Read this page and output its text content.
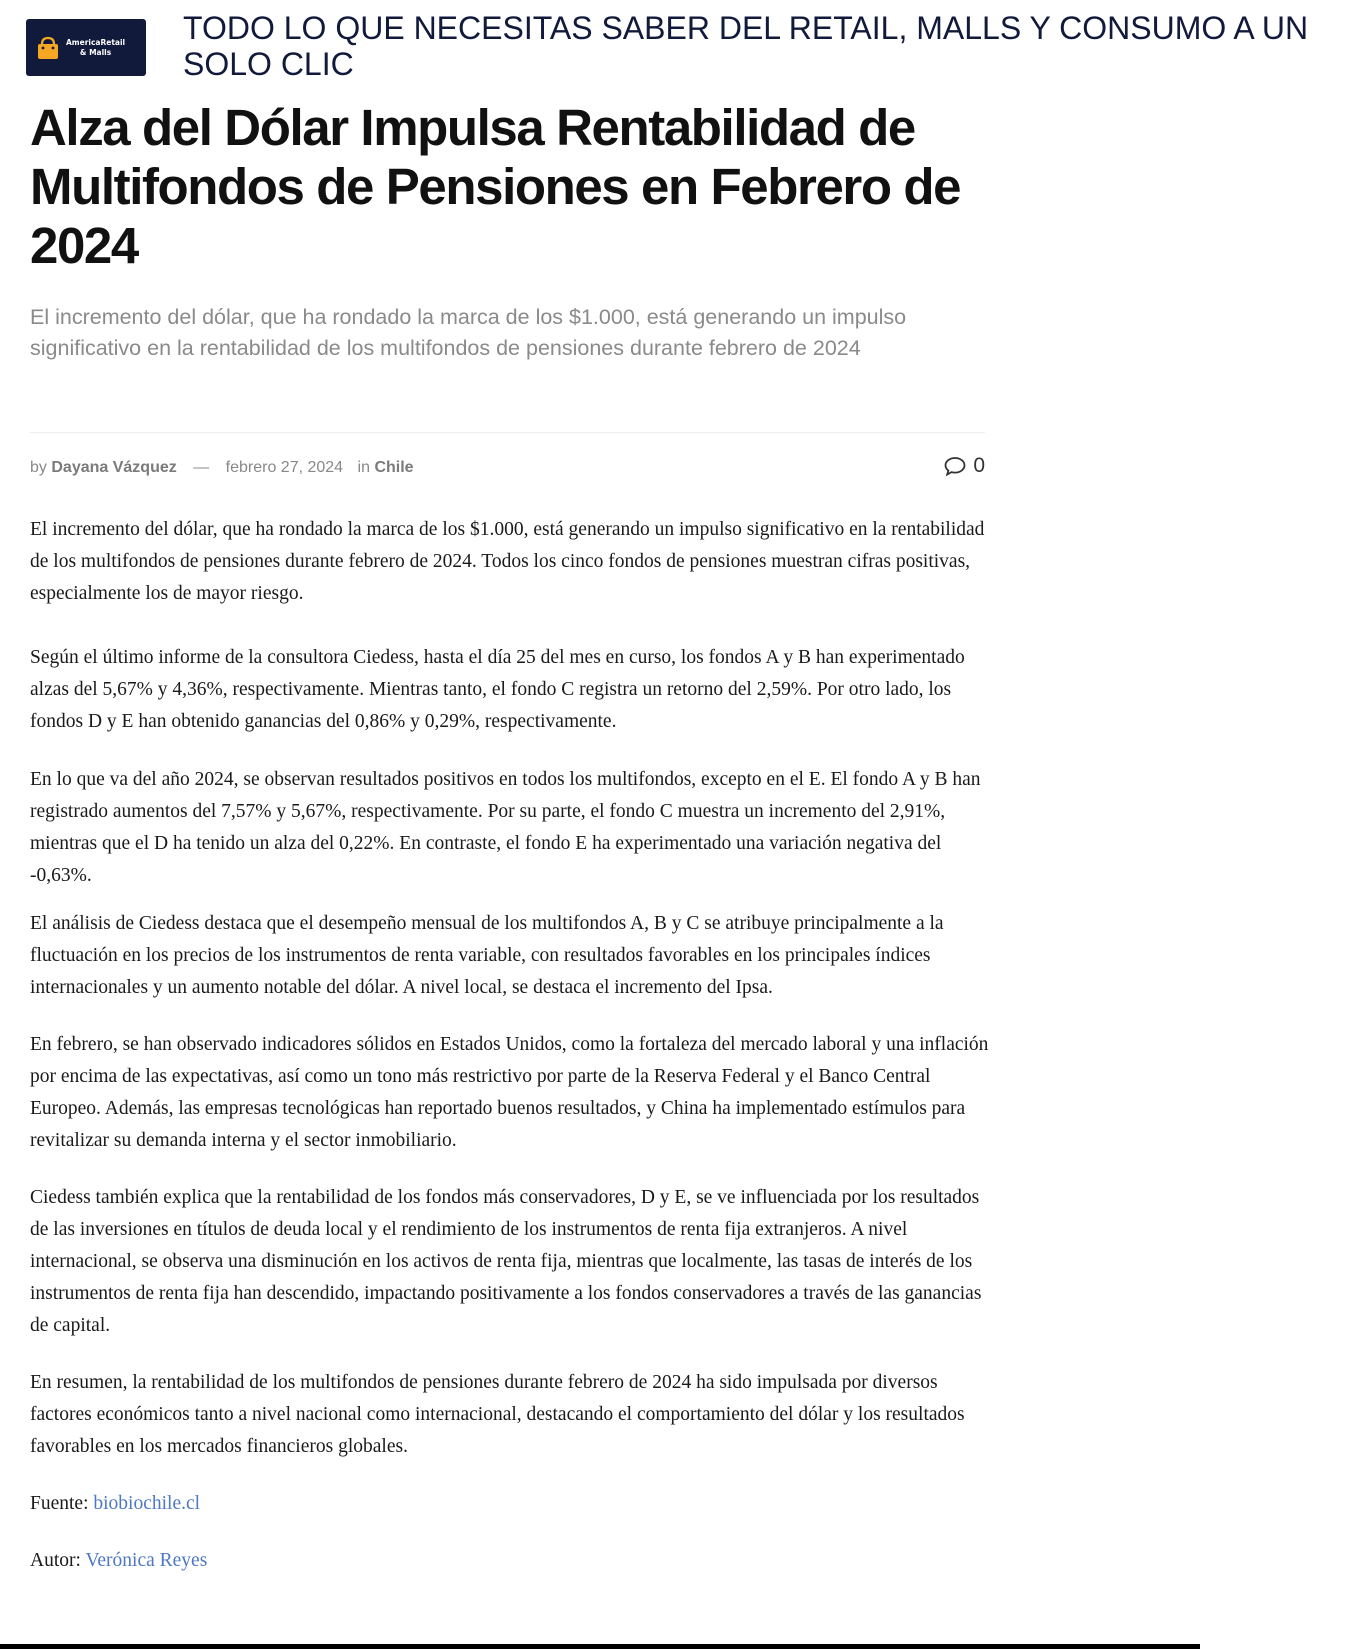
AmericaRetail
& Malls
TODO LO QUE NECESITAS SABER DEL RETAIL, MALLS Y CONSUMO A UN SOLO CLIC
Alza del Dólar Impulsa Rentabilidad de Multifondos de Pensiones en Febrero de 2024

El incremento del dólar, que ha rondado la marca de los $1.000, está generando un impulso significativo en la rentabilidad de los multifondos de pensiones durante febrero de 2024

by Dayana Vázquez — febrero 27, 2024 in Chile	0

El incremento del dólar, que ha rondado la marca de los $1.000, está generando un impulso significativo en la rentabilidad de los multifondos de pensiones durante febrero de 2024. Todos los cinco fondos de pensiones muestran cifras positivas, especialmente los de mayor riesgo.

Según el último informe de la consultora Ciedess, hasta el día 25 del mes en curso, los fondos A y B han experimentado alzas del 5,67% y 4,36%, respectivamente. Mientras tanto, el fondo C registra un retorno del 2,59%. Por otro lado, los fondos D y E han obtenido ganancias del 0,86% y 0,29%, respectivamente.

En lo que va del año 2024, se observan resultados positivos en todos los multifondos, excepto en el E. El fondo A y B han registrado aumentos del 7,57% y 5,67%, respectivamente. Por su parte, el fondo C muestra un incremento del 2,91%, mientras que el D ha tenido un alza del 0,22%. En contraste, el fondo E ha experimentado una variación negativa del -0,63%.

El análisis de Ciedess destaca que el desempeño mensual de los multifondos A, B y C se atribuye principalmente a la fluctuación en los precios de los instrumentos de renta variable, con resultados favorables en los principales índices internacionales y un aumento notable del dólar. A nivel local, se destaca el incremento del Ipsa.

En febrero, se han observado indicadores sólidos en Estados Unidos, como la fortaleza del mercado laboral y una inflación por encima de las expectativas, así como un tono más restrictivo por parte de la Reserva Federal y el Banco Central Europeo. Además, las empresas tecnológicas han reportado buenos resultados, y China ha implementado estímulos para revitalizar su demanda interna y el sector inmobiliario.

Ciedess también explica que la rentabilidad de los fondos más conservadores, D y E, se ve influenciada por los resultados de las inversiones en títulos de deuda local y el rendimiento de los instrumentos de renta fija extranjeros. A nivel internacional, se observa una disminución en los activos de renta fija, mientras que localmente, las tasas de interés de los instrumentos de renta fija han descendido, impactando positivamente a los fondos conservadores a través de las ganancias de capital.

En resumen, la rentabilidad de los multifondos de pensiones durante febrero de 2024 ha sido impulsada por diversos factores económicos tanto a nivel nacional como internacional, destacando el comportamiento del dólar y los resultados favorables en los mercados financieros globales.

Fuente: biobiochile.cl

Autor: Verónica Reyes
